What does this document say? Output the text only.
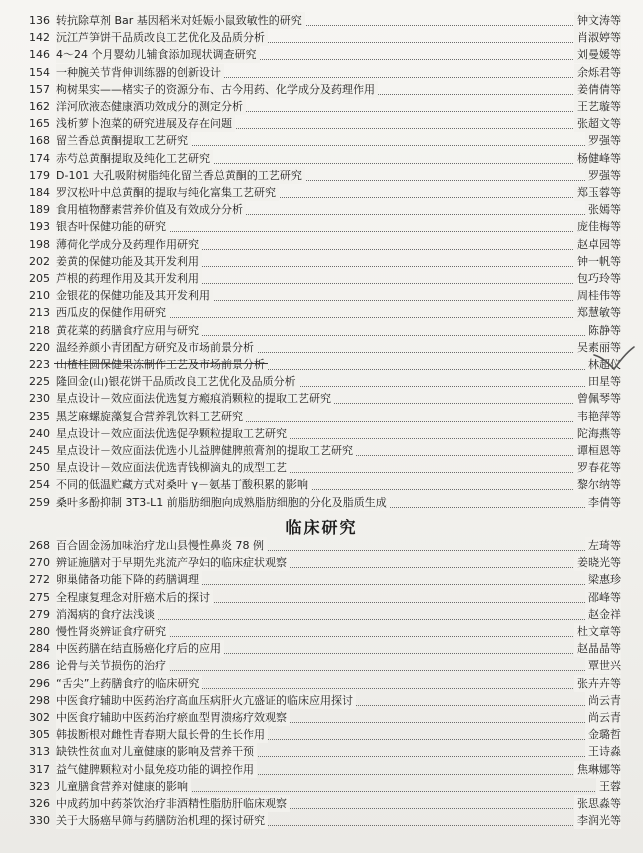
136 转抗除草剂 Bar 基因稻米对妊娠小鼠致敏性的研究	钟文涛等
142 沅江芦笋饼干品质改良工艺优化及品质分析	肖淑婷等
146 4～24 个月婴幼儿辅食添加现状调查研究	刘曼媛等
154 一种腕关节背伸训练器的创新设计	余烁君等
157 枸树果实——楮实子的资源分布、古今用药、化学成分及药理作用	姜倩倩等
162 洋河欣液态健康酒功效成分的测定分析	王艺璇等
165 浅析萝卜泡菜的研究进展及存在问题	张超文等
168 留兰香总黄酮提取工艺研究	罗强等
174 赤芍总黄酮提取及纯化工艺研究	杨健峰等
179 D-101 大孔吸附树脂纯化留兰香总黄酮的工艺研究	罗强等
184 罗汉松叶中总黄酮的提取与纯化富集工艺研究	郑玉蓉等
189 食用植物酵素营养价值及有效成分分析	张嫣等
193 银杏叶保健功能的研究	庞佳梅等
198 薄荷化学成分及药理作用研究	赵卓园等
202 姜黄的保健功能及其开发利用	钟一帆等
205 芦根的药理作用及其开发利用	包巧玲等
210 金银花的保健功能及其开发利用	周桂伟等
213 西瓜皮的保健作用研究	郑慧敏等
218 黄花菜的药膳食疗应用与研究	陈静等
220 温经养颜小青团配方研究及市场前景分析	吴素丽等
223 山楂桂圆保健果冻制作工艺及市场前景分析	林超仪
225 隆回金(山)银花饼干品质改良工艺优化及品质分析	田星等
230 星点设计－效应面法优选复方瘢痕消颗粒的提取工艺研究	曾佩琴等
235 黑芝麻螺旋藻复合营养乳饮料工艺研究	韦艳萍等
240 星点设计－效应面法优选促孕颗粒提取工艺研究	陀海燕等
245 星点设计－效应面法优选小儿益脾健脾煎膏剂的提取工艺研究	谭桓恩等
250 星点设计－效应面法优选青钱柳滴丸的成型工艺	罗春花等
254 不同的低温贮藏方式对桑叶 γ－氨基丁酸积累的影响	黎尔纳等
259 桑叶多酚抑制 3T3-L1 前脂肪细胞向成熟脂肪细胞的分化及脂质生成	李倩等
临床研究
268 百合固金汤加味治疗龙山县慢性鼻炎 78 例	左琦等
270 辨证施膳对于早期先兆流产孕妇的临床症状观察	姜晓光等
272 卵巢储备功能下降的药膳调理	梁惠珍
275 全程康复理念对肝癌术后的探讨	邵峰等
279 消渴病的食疗法浅谈	赵金祥
280 慢性肾炎辨证食疗研究	杜文章等
284 中医药膳在结直肠癌化疗后的应用	赵晶晶等
286 论骨与关节损伤的治疗	覃世兴
296 “舌尖”上药膳食疗的临床研究	张卉卉等
298 中医食疗辅助中医药治疗高血压病肝火亢盛证的临床应用探讨	尚云青
302 中医食疗辅助中医药治疗瘀血型胃溃疡疗效观察	尚云青
305 韩拔断根对雌性青春期大鼠长骨的生长作用	金璐哲
313 缺铁性贫血对儿童健康的影响及营养干预	王诗淼
317 益气健脾颗粒对小鼠免疫功能的调控作用	焦琳娜等
323 儿童膳食营养对健康的影响	王蓉
326 中成药加中药茶饮治疗非酒精性脂肪肝临床观察	张思淼等
330 关于大肠癌早筛与药膳防治机理的探讨研究	李润光等
